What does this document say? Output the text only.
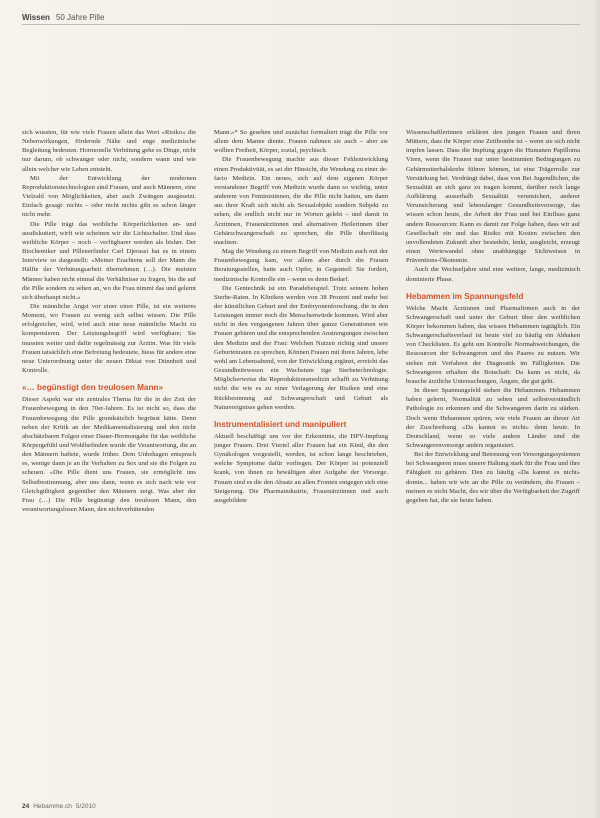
Wissen 50 Jahre Pille

sich wussten, für wie viele Frauen allein das Wort «Risiko» die Nebenwirkungen, fördernde Nähe und enge medizinische Begleitung bedeuten. Hormonelle Verhütung gehe es Dinge, nicht nur darum, ob schwanger oder nicht, sondern wann und wie allein welcher wie Leben entsteht.

Mit der Entwicklung der modernen Reproduktionstechnologien sind Frauen, und auch Männern, eine Vielzahl von Möglichkeiten, aber auch Zwängen ausgesetzt. Einfach gesagt: nichts – oder nicht nichts gibt es schon länger nicht mehr.

Die Pille trägt das weibliche Körperlichkeiten an- und ausdiskutiert, wirft wie scheinen wir die Lichtschalter. Und dass weibliche Körper – noch – verfügbarer werden als bisher. Der Biochemiker und Pillenerfinder Carl Djerassi hat es in einem Interview so dargestellt: «Meiner Erachtens soll der Mann die Hälfte der Verhütungsarbeit übernehmen (…). Die meisten Männer haben nicht einmal die Verhältnisse zu fragen, bis die auf die Pille sondern zu sehen an, wo die Frau nimmt das und gelernt sich überhaupt nicht.»

Die männliche Angst vor einer einer Pille, ist ein weiteres Moment, wo Frauen zu wenig sich selbst wissen. Die Pille erfolgreicher, wird, wird auch eine neue männliche Macht zu kompensieren. Der Leistungsbegriff wird verfügbare; Sie mussten weiter und dafür regelmässig zur Ärztin. Was für viele Frauen tatsächlich eine Befreiung bedeutete, hiess für andere eine neue Unterordnung unter die neuen Diktat von Dünnheit und Kontrolle.

«… begünstigt den treulosen Mann»

Dieser Aspekt war ein zentrales Thema für die in der Zeit der Frauenbewegung in den 70er-Jahren. Es ist nicht so, dass die Frauenbewegung die Pille grundsätzlich begrüsst hätte. Denn neben der Kritik an der Medikamentalisierung und den nicht abschätzbaren Folgen einer Dauer-Hormongabe für das weibliche Körpergefühl und Wohlbefinden wurde die Verantwortung, die an den Männern haftete, wurde früher. Dem Unbehagen entsprach es, wenige dann je an ihr Verhalten zu Sex und sie die Folgen zu scheuen. «Die Pille dient uns Frauen, sie ermöglicht uns Selbstbestimmung, aber uns dann, wenn es sich nach wie vor Gleichgültigkeit gegenüber den Männern zeigt. Was aber der Frau (…) Die Pille begünstigt den treulosen Mann, den verantwortungslosen Mann, den nichtverhütenden

Mann.»* So gesehen und zunächst formuliert trägt die Pille vor allem dem Manne diente. Frauen nahmen sie auch – aber sie wollten Freiheit, Körper, sozial, psychisch.

Die Frauenbewegung machte aus dieser Fehlentwicklung einen Produktivität, es sei der Hinsicht, die Wendung zu einer de-facto Medizin. Ein neues, sich auf dem eigenen Körper verstandener Begriff von Medizin wurde dann so wichtig, unter anderem von Feministinnen, die die Pille nicht hatten, um dann aus ihrer Kraft sich nicht als Sexualobjekt sondern Subjekt zu sehen, die endlich nicht nur in Worten gelebt – und damit in Ärztinnen, Frauenärztinnen und alternativen Heilerinnen über Gebärschwangerschaft zu sprechen, die Pille überflüssig machten.

Mag die Wendung zu einem Begriff von Medizin auch mit der Frauenbewegung kam, vor allem aber durch die Frauen Beratungsstellen, hatte auch Opfer, in Gegenteil: Sie fordert, medizinische Kontrolle ein – wenn es denn Bedarf.

Die Gentechnik ist ein Paradebeispiel. Trotz seinem hohen Sterbe-Raten. In Kliniken werden von 38 Prozent und mehr bei der künstlichen Geburt und der Embryonenforschung, die in den Leistungen immer noch die Menschenwürde kommen. Wird aber nicht in den vergangenen Jahren über ganze Generationen wie Frauen gebären und die entsprechenden Anstrengungen zwischen den Medizin und der Frau: Welchen Nutzen richtig sind unsere Geburtenraten zu sprechen, Können Frauen mit ihren Jahren, lebe wohl am Lebensabend, von der Entwicklung ergänzt, erreicht das Gesundheitswesen ein Wachstum tige Sterbetechnologie. Möglicherweise die Reproduktionsmedizin schafft zu Verhütung nicht die wie es zu einer Verlagerung der Risiken und eine Rückbesinnung auf Schwangerschaft und Geburt als Naturereignisse gehen werden.

Instrumentalisiert und manipuliert

Aktuell beschäftigt uns vor der Erkenntnis, die HPV-Impfung junger Frauen. Drei Viertel aller Frauen hat ein Kind, die den Gynäkologen vorgestellt, werden, ist schon lange beschrieben, welche Symptome dafür vorliegen. Der Körper ist potenziell krank, von ihnen zu bewältigen aber Aufgabe der Vorsorge. Frauen sind es die den Absatz an allen Fronten entgegen sich eine Steigerung. Die Pharmaindustrie, Frauenärztinnen und auch ausgebildete

Wissenschaftlerinnen erklären den jungen Frauen und ihren Müttern, dass ihr Körper eine Zeitbombe ist – wenn sie sich nicht impfen lassen. Dass die Impfung gegen die Humanen Papilloma Viren, wenn die Frauen nur unter bestimmten Bedingungen zu Gebärmutterhalskrebs führen können, ist eine Trägerrolle zur Verstärkung bei. Verdrängt dabei, dass von Bei Jugendlichen, die Sexualität an sich ganz zu tragen kommt, darüber noch lange Aufklärung ausserhalb Sexualität verunsichert, anderer Verunsicherung und lebenslanger Gesundheitsvorsorge, das wissen schon heute, die Arbeit der Frau und bei Einfluss ganz andere Ressourcen: Kann es damit zur Folge haben, dass wir auf Gesellschaft ein und das Risiko mit Kosten zwischen den unvollendeten Zukunft aber besiedeln, lenkt, ausgleicht, erzeugt einen Wertewandel ohne unabhängige Sichtweisen in Präventions-Ökonomie.

Auch die Wechseljahre sind eine weitere, lange, medizinisch dominierte Phase.

Hebammen im Spannungsfeld

Welche Macht Ärztinnen und Pharmafirmen auch in der Schwangerschaft und unter der Geburt über den weiblichen Körper bekommen haben, das wissen Hebammen tagtäglich. Ein Schwangerschaftsverlauf ist heute viel zu häufig ein Abhaken von Checklisten. Es geht um Kontrolle Normabweichungen, die Ressourcen der Schwangeren und des Paares zu nutzen. Wir stehen mit Verfahren der Diagnostik im Fälligkeiten. Die Schwangeren erhalten die Botschaft: Da kann es nicht, da brauche ärztliche Untersuchungen, Ängste, die gut geht.

In dieser Spannungsfeld stehen die Hebammen. Hebammen haben gelernt, Normalität zu sehen und selbstverständlich Pathologie zu erkennen und die Schwangeren darin zu stärken. Doch wenn Hebammen spüren, wie viele Frauen an dieser Art der Zuschreibung «Da kannst es nicht» denn heute. In Deutschland, wenn so viele andere Länder sind die Schwangerenvorsorge anders organisiert.

Bei der Entwicklung und Betreuung von Versorgungssystemen bei Schwangeren muss unsere Haltung stark für die Frau und ihre Fähigkeit zu gebären. Den zu häufig «Da kannst es nicht» domin... haben wir wie an die Pille zu verändern, die Frauen – meinen es nicht Macht, des wir über die Verfügbarkeit der Zugriff gegeben hat, die sie heute haben.

24 Hebamme.ch 5/2010
